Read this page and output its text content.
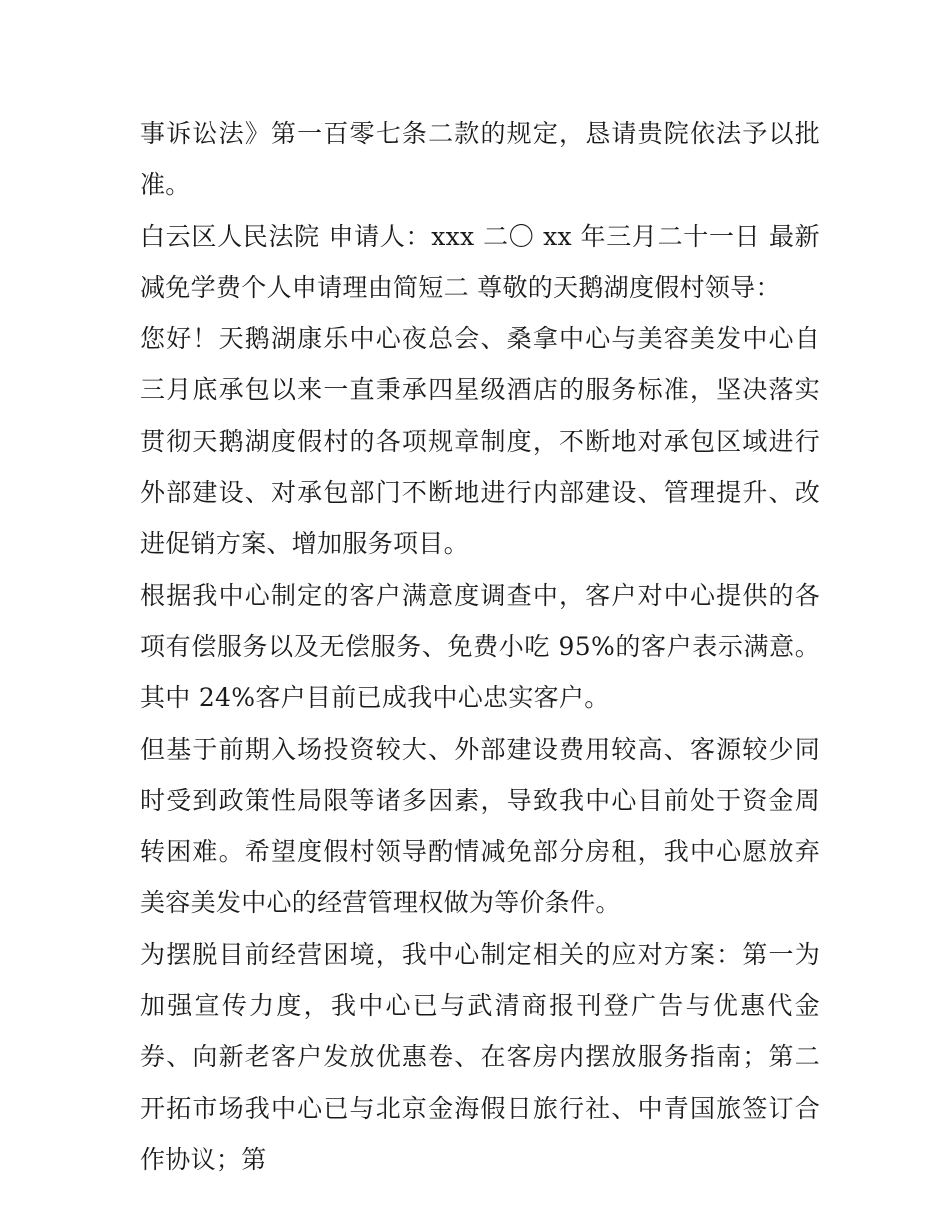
事诉讼法》第一百零七条二款的规定，恳请贵院依法予以批准。

白云区人民法院 申请人：xxx 二〇 xx 年三月二十一日 最新减免学费个人申请理由简短二 尊敬的天鹅湖度假村领导：

您好！天鹅湖康乐中心夜总会、桑拿中心与美容美发中心自三月底承包以来一直秉承四星级酒店的服务标准，坚决落实贯彻天鹅湖度假村的各项规章制度，不断地对承包区域进行外部建设、对承包部门不断地进行内部建设、管理提升、改进促销方案、增加服务项目。

根据我中心制定的客户满意度调查中，客户对中心提供的各项有偿服务以及无偿服务、免费小吃 95%的客户表示满意。其中 24%客户目前已成我中心忠实客户。

但基于前期入场投资较大、外部建设费用较高、客源较少同时受到政策性局限等诸多因素，导致我中心目前处于资金周转困难。希望度假村领导酌情减免部分房租，我中心愿放弃美容美发中心的经营管理权做为等价条件。

为摆脱目前经营困境，我中心制定相关的应对方案：第一为加强宣传力度，我中心已与武清商报刊登广告与优惠代金券、向新老客户发放优惠卷、在客房内摆放服务指南；第二开拓市场我中心已与北京金海假日旅行社、中青国旅签订合作协议；第
